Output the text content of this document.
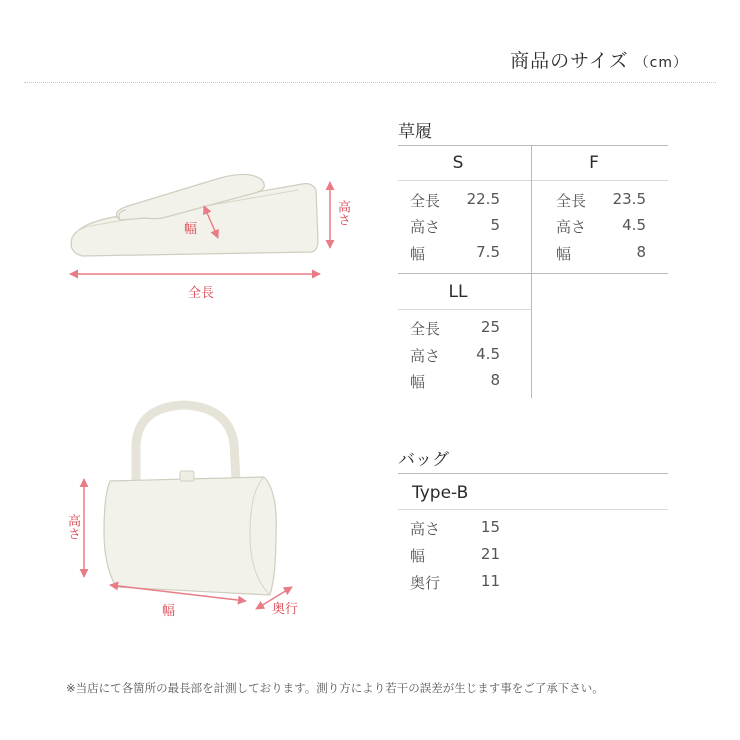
商品のサイズ （cm）
全長
高さ
幅
高さ
幅	奥行
草履
S
全長 22.5
高さ	5
幅	7.5
F
全長 23.5
高さ 4.5
幅	8
LL
全長	25
高さ 4.5
幅	8
バッグ
Type-B
高さ	15
幅	21
奥行	11
※当店にて各箇所の最長部を計測しております。測り方により若干の誤差が生じます事をご了承下さい。
